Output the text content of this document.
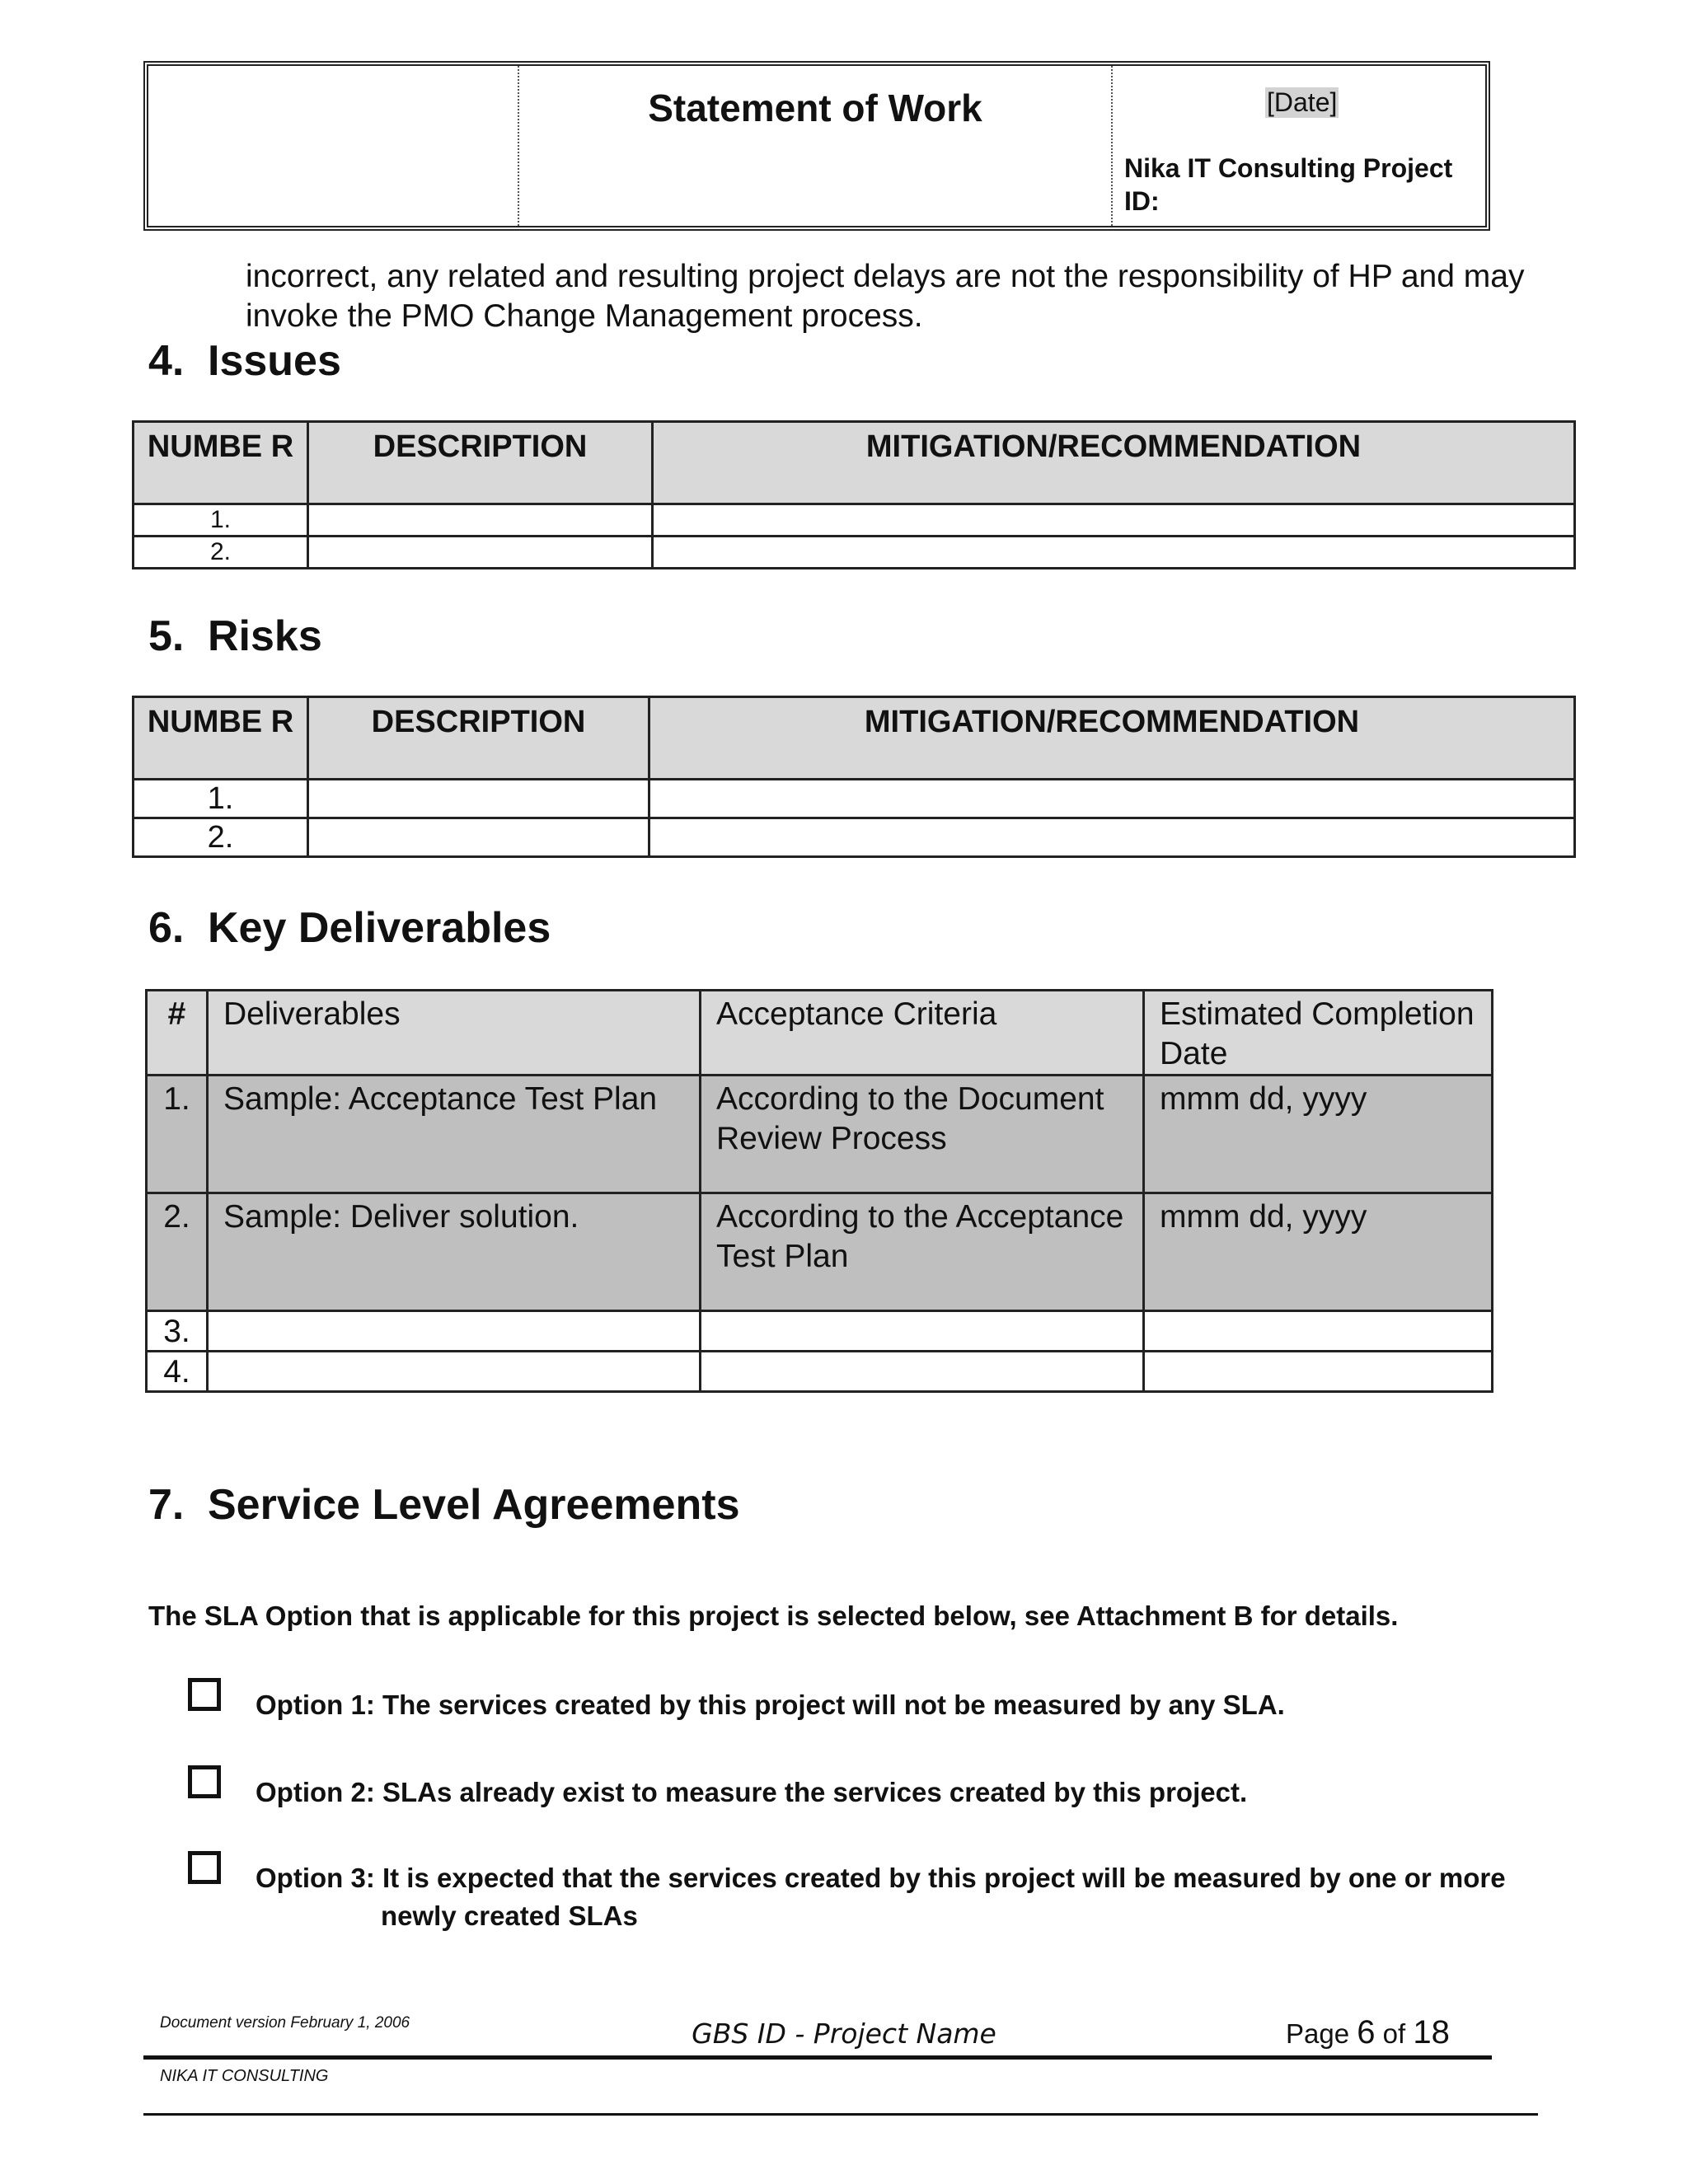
Statement of Work	[Date]
Nika IT Consulting Project ID:
incorrect, any related and resulting project delays are not the responsibility of HP and may invoke the PMO Change Management process.
4. Issues
NUMBE R	DESCRIPTION	MITIGATION/RECOMMENDATION
1.		
2.		
5. Risks
NUMBE R	DESCRIPTION	MITIGATION/RECOMMENDATION
1.		
2.		
6. Key Deliverables
#	Deliverables	Acceptance Criteria	Estimated Completion Date
1.	Sample: Acceptance Test Plan	According to the Document Review Process	mmm dd, yyyy
2.	Sample: Deliver solution.	According to the Acceptance Test Plan	mmm dd, yyyy
3.			
4.			
7. Service Level Agreements
The SLA Option that is applicable for this project is selected below, see Attachment B for details.
Option 1: The services created by this project will not be measured by any SLA.
Option 2: SLAs already exist to measure the services created by this project.
Option 3: It is expected that the services created by this project will be measured by one or more
newly created SLAs
Document version February 1, 2006	GBS ID - Project Name	Page 6 of 18
NIKA IT CONSULTING
